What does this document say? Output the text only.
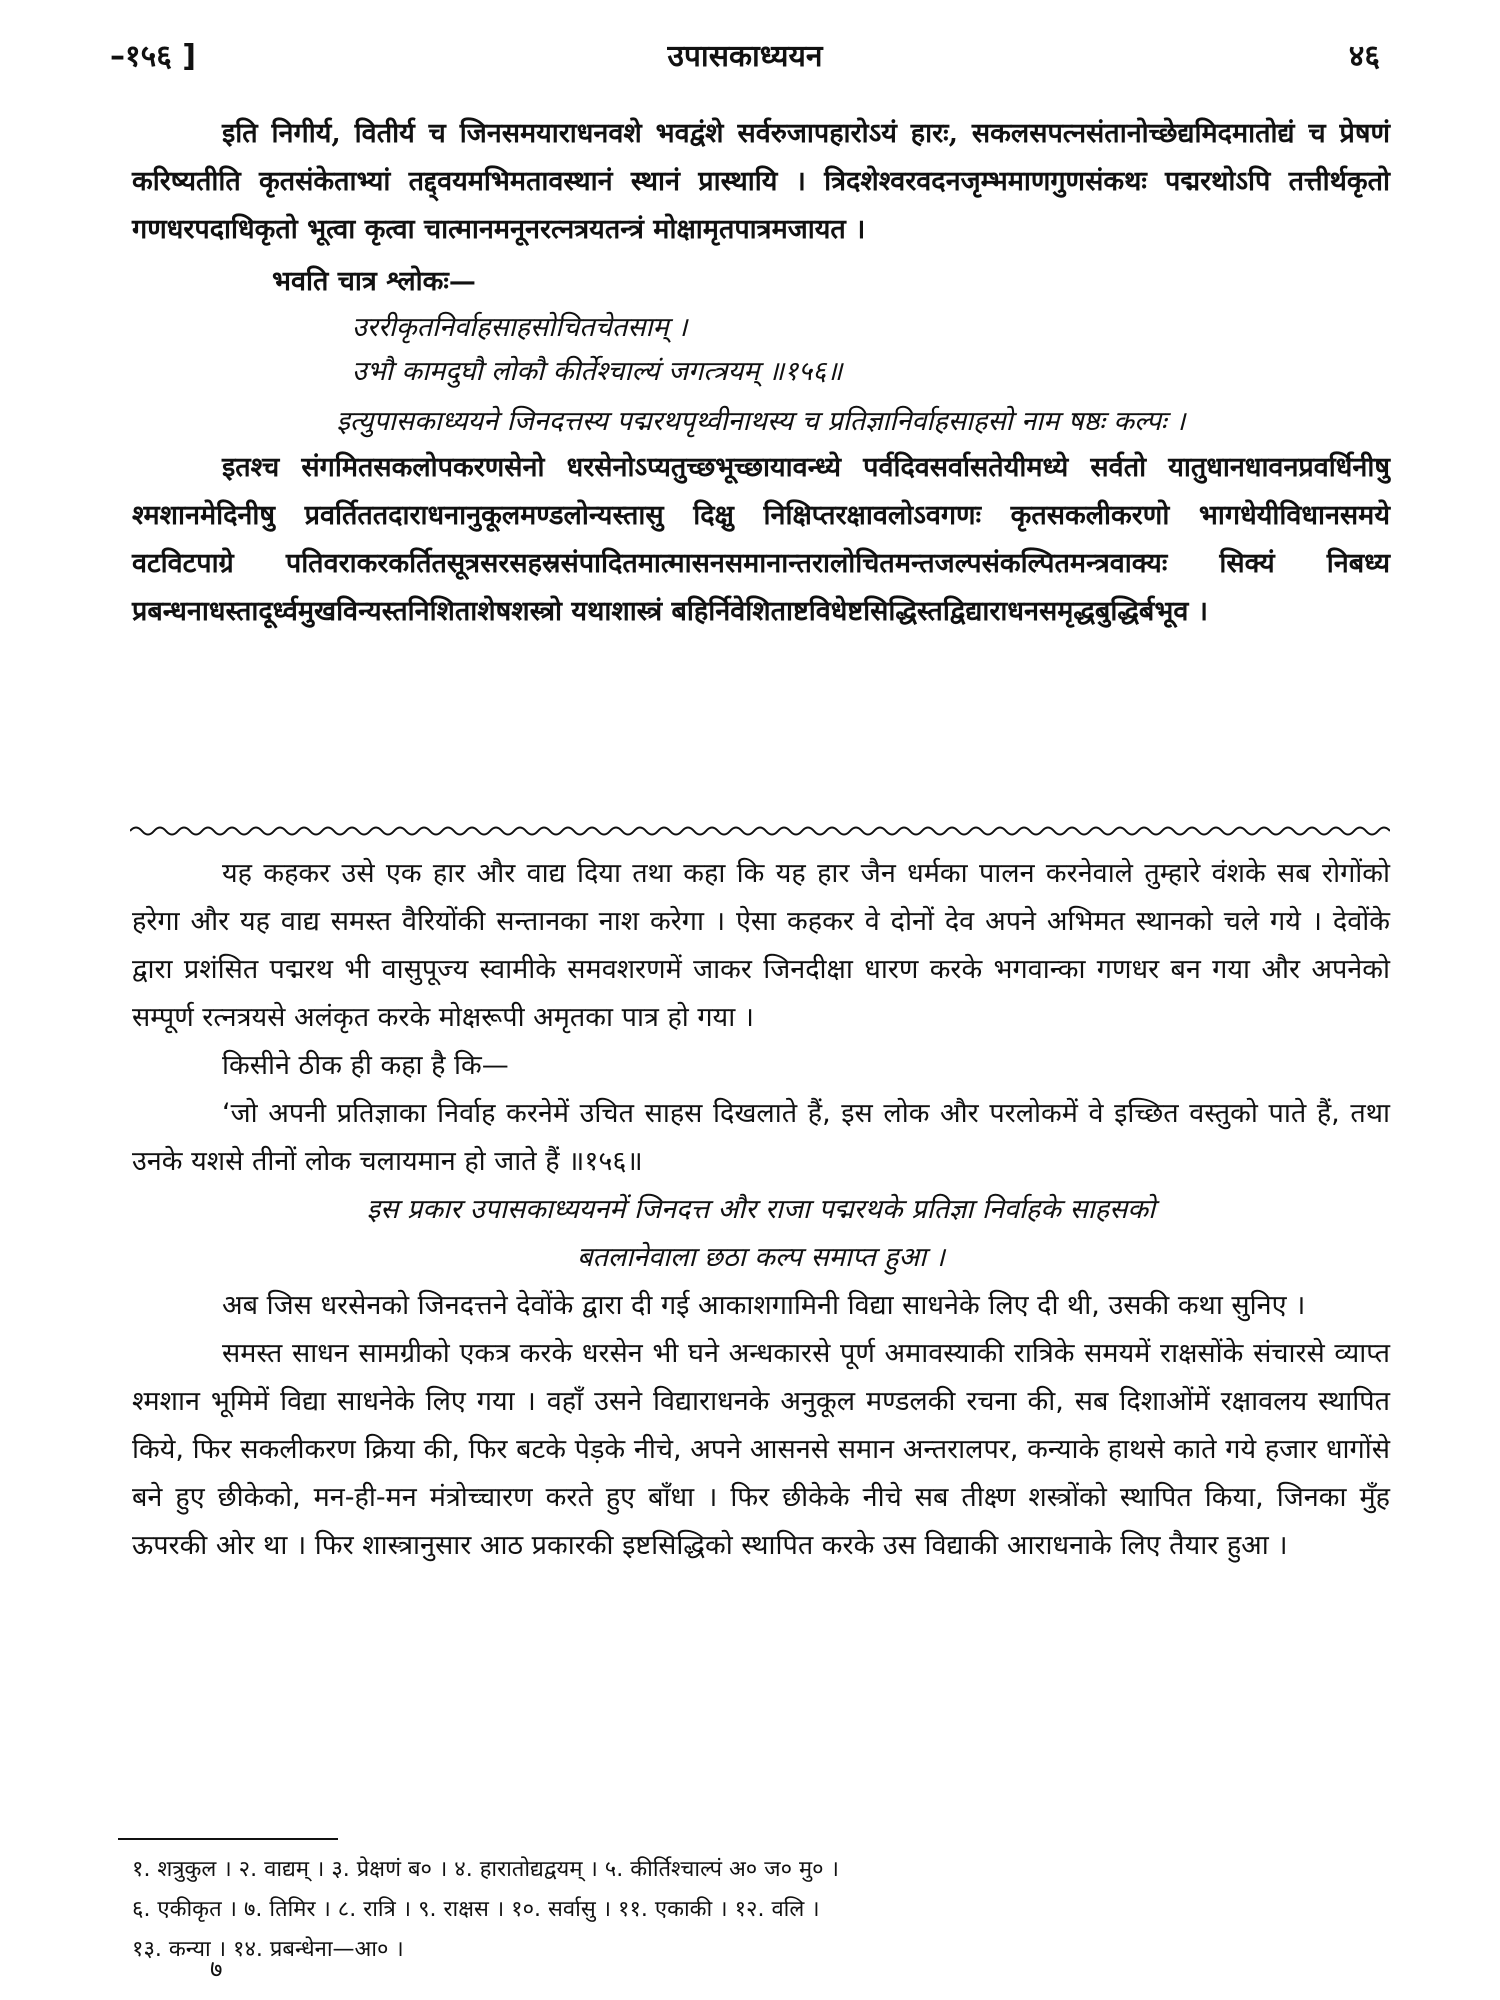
–१५६ ]	उपासकाध्ययन	४६

इति निगीर्य, वितीर्य च जिनसमयाराधनवशे भवद्वंशे सर्वरुजापहारोऽयं हारः, सकलसपत्नसंतानोच्छेद्यमिदमातोद्यं च प्रेषणं करिष्यतीति कृतसंकेताभ्यां तद्द्वयमभिमतावस्थानं स्थानं प्रास्थायि । त्रिदशेश्वरवदनजृम्भमाणगुणसंकथः पद्मरथोऽपि तत्तीर्थकृतो गणधरपदाधिकृतो भूत्वा कृत्वा चात्मानमनूनरत्नत्रयतन्त्रं मोक्षामृतपात्रमजायत ।

भवति चात्र श्लोकः—

उररीकृतनिर्वाहसाहसोचितचेतसाम् ।

उभौ कामदुघौ लोकौ कीर्तेश्चाल्यं जगत्त्रयम् ॥१५६॥

इत्युपासकाध्ययने जिनदत्तस्य पद्मरथपृथ्वीनाथस्य च प्रतिज्ञानिर्वाहसाहसो नाम षष्ठः कल्पः ।

इतश्च संगमितसकलोपकरणसेनो धरसेनोऽप्यतुच्छभूच्छायावन्ध्ये पर्वदिवसर्वासतेयीमध्ये सर्वतो यातुधानधावनप्रवर्धिनीषु श्मशानमेदिनीषु प्रवर्तिततदाराधनानुकूलमण्डलोन्यस्तासु दिक्षु निक्षिप्तरक्षावलोऽवगणः कृतसकलीकरणो भागधेयीविधानसमये वटविटपाग्रे पतिवराकरकर्तितसूत्रसरसहस्रसंपादितमात्मासनसमानान्तरालोचितमन्तजल्पसंकल्पितमन्त्रवाक्यः सिक्यं निबध्य प्रबन्धनाधस्तादूर्ध्वमुखविन्यस्तनिशिताशेषशस्त्रो यथाशास्त्रं बहिर्निवेशिताष्टविधेष्टसिद्धिस्तद्विद्याराधनसमृद्धबुद्धिर्बभूव ।

यह कहकर उसे एक हार और वाद्य दिया तथा कहा कि यह हार जैन धर्मका पालन करनेवाले तुम्हारे वंशके सब रोगोंको हरेगा और यह वाद्य समस्त वैरियोंकी सन्तानका नाश करेगा । ऐसा कहकर वे दोनों देव अपने अभिमत स्थानको चले गये । देवोंके द्वारा प्रशंसित पद्मरथ भी वासुपूज्य स्वामीके समवशरणमें जाकर जिनदीक्षा धारण करके भगवान्का गणधर बन गया और अपनेको सम्पूर्ण रत्नत्रयसे अलंकृत करके मोक्षरूपी अमृतका पात्र हो गया ।

किसीने ठीक ही कहा है कि—

‘जो अपनी प्रतिज्ञाका निर्वाह करनेमें उचित साहस दिखलाते हैं, इस लोक और परलोकमें वे इच्छित वस्तुको पाते हैं, तथा उनके यशसे तीनों लोक चलायमान हो जाते हैं ॥१५६॥

इस प्रकार उपासकाध्ययनमें जिनदत्त और राजा पद्मरथके प्रतिज्ञा निर्वाहके साहसको

बतलानेवाला छठा कल्प समाप्त हुआ ।

अब जिस धरसेनको जिनदत्तने देवोंके द्वारा दी गई आकाशगामिनी विद्या साधनेके लिए दी थी, उसकी कथा सुनिए ।

समस्त साधन सामग्रीको एकत्र करके धरसेन भी घने अन्धकारसे पूर्ण अमावस्याकी रात्रिके समयमें राक्षसोंके संचारसे व्याप्त श्मशान भूमिमें विद्या साधनेके लिए गया । वहाँ उसने विद्याराधनके अनुकूल मण्डलकी रचना की, सब दिशाओंमें रक्षावलय स्थापित किये, फिर सकलीकरण क्रिया की, फिर बटके पेड़के नीचे, अपने आसनसे समान अन्तरालपर, कन्याके हाथसे काते गये हजार धागोंसे बने हुए छीकेको, मन-ही-मन मंत्रोच्चारण करते हुए बाँधा । फिर छीकेके नीचे सब तीक्ष्ण शस्त्रोंको स्थापित किया, जिनका मुँह ऊपरकी ओर था । फिर शास्त्रानुसार आठ प्रकारकी इष्टसिद्धिको स्थापित करके उस विद्याकी आराधनाके लिए तैयार हुआ ।

१. शत्रुकुल । २. वाद्यम् । ३. प्रेक्षणं ब० । ४. हारातोद्यद्वयम् । ५. कीर्तिश्चाल्पं अ० ज० मु० ।

६. एकीकृत । ७. तिमिर । ८. रात्रि । ९. राक्षस । १०. सर्वासु । ११. एकाकी । १२. वलि ।

१३. कन्या । १४. प्रबन्धेना—आ० ।

७
